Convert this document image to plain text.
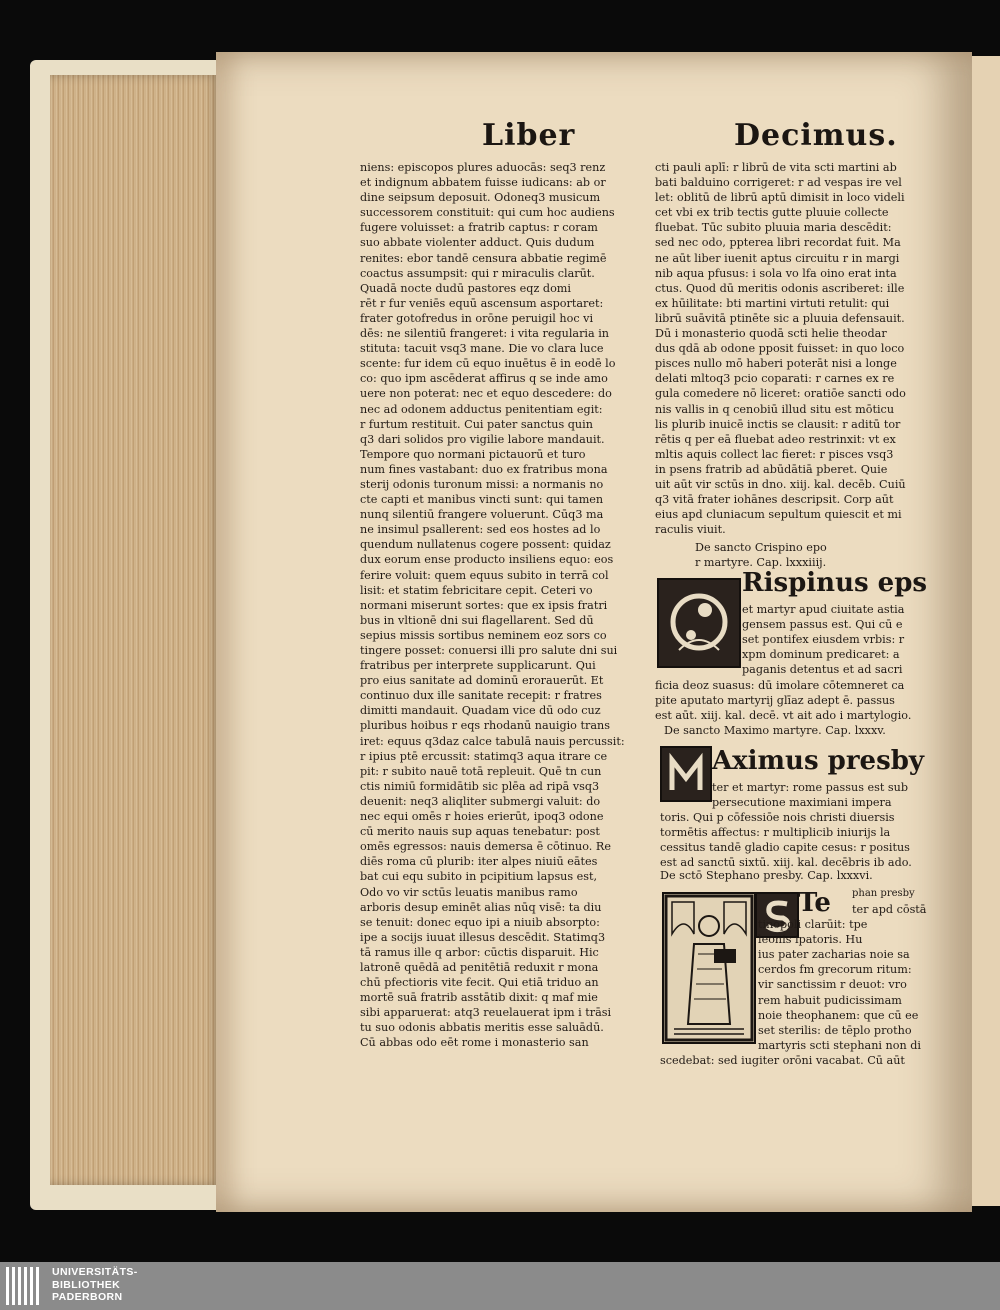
Liber	Decimus.
niens: episcopos plures aduocās: seq3 renz
et indignum abbatem fuisse iudicans: ab or
dine seipsum deposuit. Odoneq3 musicum
successorem constituit: qui cum hoc audiens
fugere voluisset: a fratrib captus: r coram
suo abbate violenter adduct. Quis dudum
renites: ebor tandē censura abbatie regimē
coactus assumpsit: qui r miraculis clarūt.
Quadā nocte dudū pastores eqz domi
rēt r fur veniēs equū ascensum asportaret:
frater gotofredus in orōne peruigil hoc vi
dēs: ne silentiū frangeret: i vita regularia in
stituta: tacuit vsq3 mane. Die vo clara luce
scente: fur idem cū equo inuētus ē in eodē lo
co: quo ipm ascēderat affirus q se inde amo
uere non poterat: nec et equo descedere: do
nec ad odonem adductus penitentiam egit:
r furtum restituit. Cui pater sanctus quin
q3 dari solidos pro vigilie labore mandauit.
Tempore quo normani pictauorū et turo
num fines vastabant: duo ex fratribus mona
sterij odonis turonum missi: a normanis no
cte capti et manibus vincti sunt: qui tamen
nunq silentiū frangere voluerunt. Cūq3 ma
ne insimul psallerent: sed eos hostes ad lo
quendum nullatenus cogere possent: quidaz
dux eorum ense producto insiliens equo: eos
ferire voluit: quem equus subito in terrā col
lisit: et statim febricitare cepit. Ceteri vo
normani miserunt sortes: que ex ipsis fratri
bus in vltionē dni sui flagellarent. Sed dū
sepius missis sortibus neminem eoz sors co
tingere posset: conuersi illi pro salute dni sui
fratribus per interprete supplicarunt. Qui
pro eius sanitate ad dominū erorauerūt. Et
continuo dux ille sanitate recepit: r fratres
dimitti mandauit. Quadam vice dū odo cuz
pluribus hoibus r eqs rhodanū nauigio trans
iret: equus q3daz calce tabulā nauis percussit:
r ipius ptē ercussit: statimq3 aqua itrare ce
pit: r subito nauē totā repleuit. Quē tn cun
ctis nimiū formidātib sic plēa ad ripā vsq3
deuenit: neq3 aliqliter submergi valuit: do
nec equi omēs r hoies erierūt, ipoq3 odone
cū merito nauis sup aquas tenebatur: post
omēs egressos: nauis demersa ē cōtinuo. Re
diēs roma cū plurib: iter alpes niuiū eātes
bat cui equ subito in pcipitium lapsus est,
Odo vo vir sctūs leuatis manibus ramo
arboris desup eminēt alias nūq visē: ta diu
se tenuit: donec equo ipi a niuib absorpto:
ipe a socijs iuuat illesus descēdit. Statimq3
tā ramus ille q arbor: cūctis disparuit. Hic
latronē quēdā ad penitētiā reduxit r mona
chū pfectioris vite fecit. Qui etiā triduo an
mortē suā fratrib asstātib dixit: q maf mie
sibi apparuerat: atq3 reuelauerat ipm i trāsi
tu suo odonis abbatis meritis esse saluādū.
Cū abbas odo eēt rome i monasterio san
cti pauli aplī: r librū de vita scti martini ab
bati balduino corrigeret: r ad vespas ire vel
let: oblitū de librū aptū dimisit in loco videli
cet vbi ex trib tectis gutte pluuie collecte
fluebat. Tūc subito pluuia maria descēdit:
sed nec odo, ppterea libri recordat fuit. Ma
ne aūt liber iuenit aptus circuitu r in margi
nib aqua pfusus: i sola vo lfa oino erat inta
ctus. Quod dū meritis odonis ascriberet: ille
ex hūilitate: bti martini virtuti retulit: qui
librū suāvitā ptinēte sic a pluuia defensauit.
Dū i monasterio quodā scti helie theodar
dus qdā ab odone pposit fuisset: in quo loco
pisces nullo mō haberi poterāt nisi a longe
delati mltoq3 pcio coparati: r carnes ex re
gula comedere nō liceret: oratiōe sancti odo
nis vallis in q cenobiū illud situ est mōticu
lis plurib inuicē inctis se clausit: r aditū tor
rētis q per eā fluebat adeo restrinxit: vt ex
mltis aquis collect lac fieret: r pisces vsq3
in psens fratrib ad abūdātiā pberet. Quie
uit aūt vir sctūs in dno. xiij. kal. decēb. Cuiū
q3 vitā frater iohānes descripsit. Corp aūt
eius apd cluniacum sepultum quiescit et mi
raculis viuit.
De sancto Crispino epo
r martyre. Cap. lxxxiiij.
Rispinus eps
et martyr apud ciuitate astia
gensem passus est. Qui cū e
set pontifex eiusdem vrbis: r
xpm dominum predicaret: a
paganis detentus et ad sacri
ficia deoz suasus: dū imolare cōtemneret ca
pite aputato martyrij glīaz adept ē. passus
est aūt. xiij. kal. decē. vt ait ado i martylogio.
De sancto Maximo martyre. Cap. lxxxv.
Aximus presby
ter et martyr: rome passus est sub
persecutione maximiani impera
toris. Qui p cōfessiōe nois christi diuersis
tormētis affectus: r multiplicib iniurijs la
cessitus tandē gladio capite cesus: r positus
est ad sanctū sixtū. xiij. kal. decēbris ib ado.
De sctō Stephano presby. Cap. lxxxvi.
Te phan presby
ter apd cōstā
tinopoli clarūit: tpe
leonis ipatoris. Hu
ius pater zacharias noie sa
cerdos fm grecorum ritum:
vir sanctissim r deuot: vro
rem habuit pudicissimam
noie theophanem: que cū ee
set sterilis: de tēplo protho
martyris scti stephani non di
scedebat: sed iugiter orōni vacabat. Cū aūt
UNIVERSITÄTS-
BIBLIOTHEK
PADERBORN
